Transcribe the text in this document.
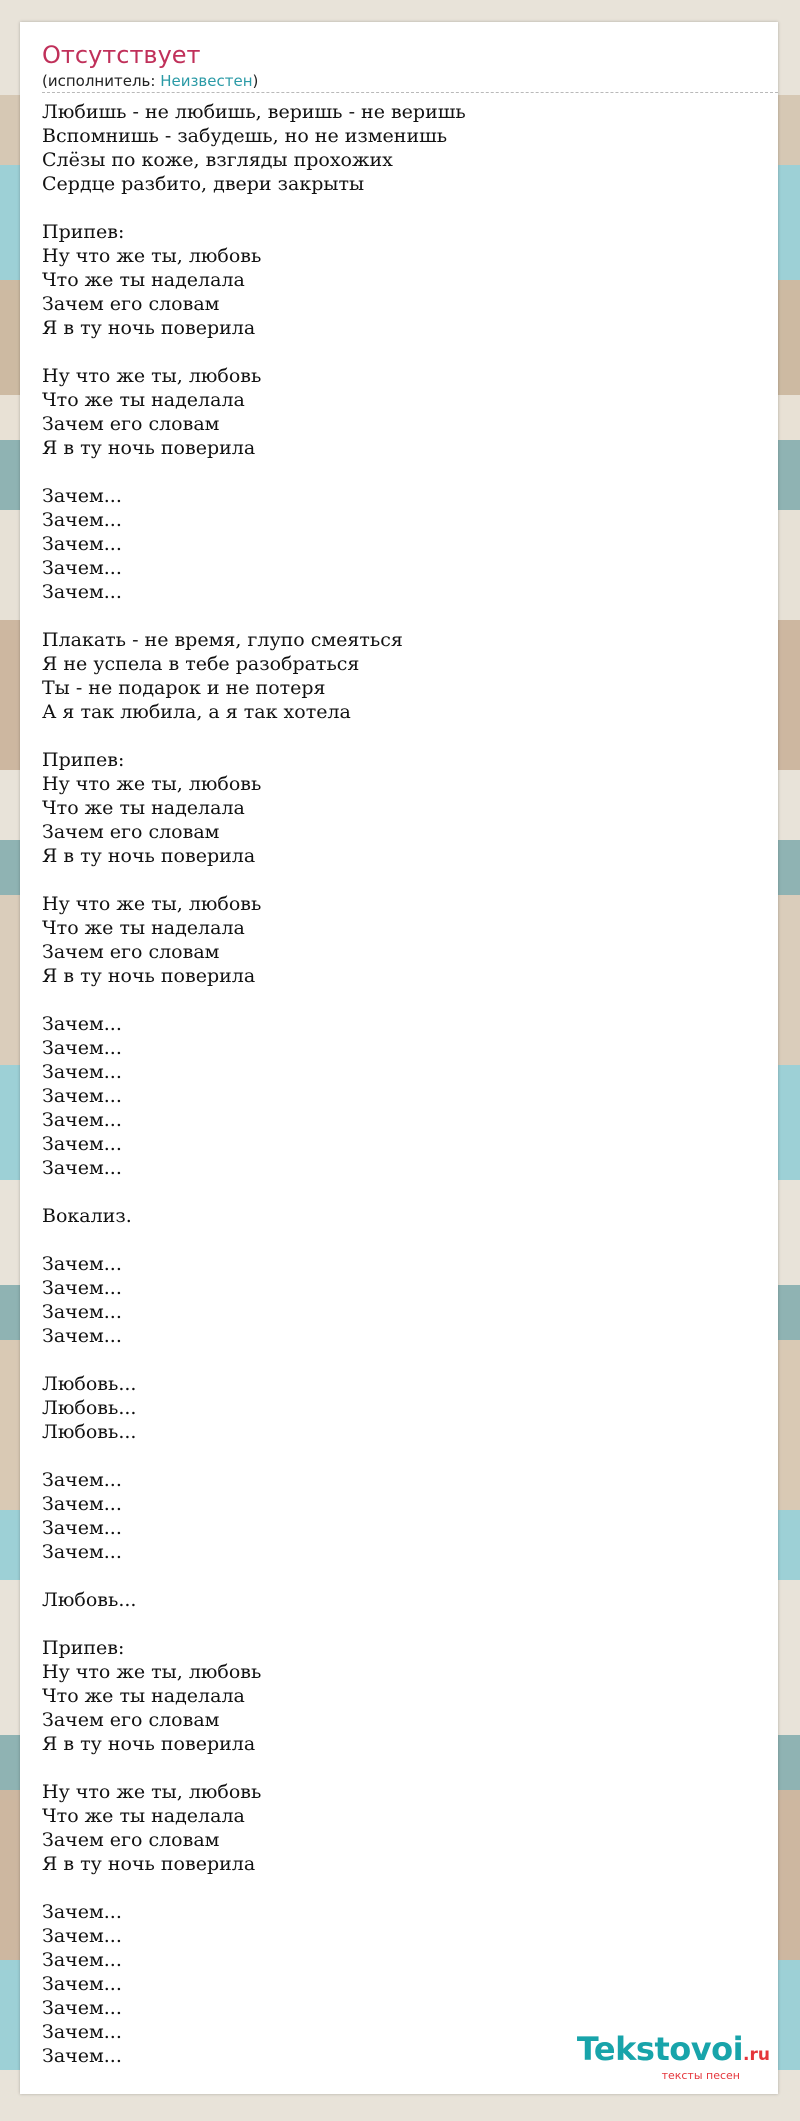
Отсутствует
(исполнитель: Неизвестен)
Любишь - не любишь, веришь - не веришь
Вспомнишь - забудешь, но не изменишь
Слёзы по коже, взгляды прохожих
Сердце разбито, двери закрыты
Припев:
Ну что же ты, любовь
Что же ты наделала
Зачем его словам
Я в ту ночь поверила
Ну что же ты, любовь
Что же ты наделала
Зачем его словам
Я в ту ночь поверила
Зачем...
Зачем...
Зачем...
Зачем...
Зачем...
Плакать - не время, глупо смеяться
Я не успела в тебе разобраться
Ты - не подарок и не потеря
А я так любила, а я так хотела
Припев:
Ну что же ты, любовь
Что же ты наделала
Зачем его словам
Я в ту ночь поверила
Ну что же ты, любовь
Что же ты наделала
Зачем его словам
Я в ту ночь поверила
Зачем...
Зачем...
Зачем...
Зачем...
Зачем...
Зачем...
Зачем...
Вокализ.
Зачем...
Зачем...
Зачем...
Зачем...
Любовь...
Любовь...
Любовь...
Зачем...
Зачем...
Зачем...
Зачем...
Любовь...
Припев:
Ну что же ты, любовь
Что же ты наделала
Зачем его словам
Я в ту ночь поверила
Ну что же ты, любовь
Что же ты наделала
Зачем его словам
Я в ту ночь поверила
Зачем...
Зачем...
Зачем...
Зачем...
Зачем...
Зачем...
Зачем...	Tekstovoi.ru
тексты песен
